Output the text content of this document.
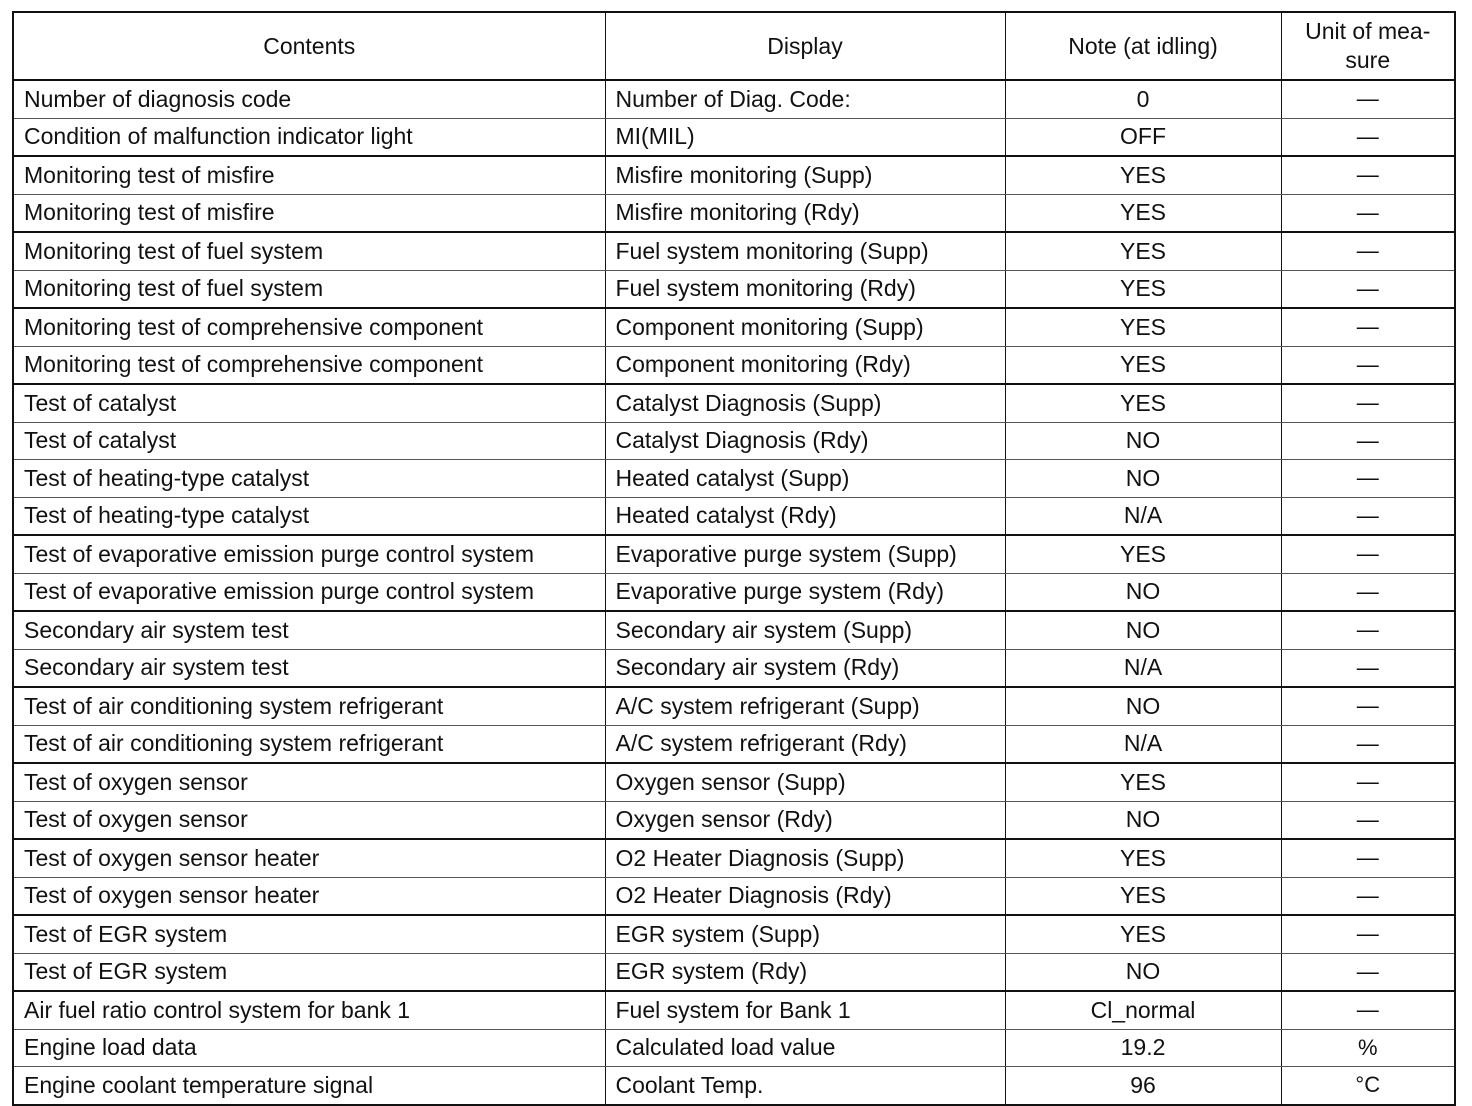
Contents	Display	Note (at idling)	Unit of mea-
sure
Number of diagnosis code	Number of Diag. Code:	0	—
Condition of malfunction indicator light	MI(MIL)	OFF	—
Monitoring test of misfire	Misfire monitoring (Supp)	YES	—
Monitoring test of misfire	Misfire monitoring (Rdy)	YES	—
Monitoring test of fuel system	Fuel system monitoring (Supp)	YES	—
Monitoring test of fuel system	Fuel system monitoring (Rdy)	YES	—
Monitoring test of comprehensive component	Component monitoring (Supp)	YES	—
Monitoring test of comprehensive component	Component monitoring (Rdy)	YES	—
Test of catalyst	Catalyst Diagnosis (Supp)	YES	—
Test of catalyst	Catalyst Diagnosis (Rdy)	NO	—
Test of heating-type catalyst	Heated catalyst (Supp)	NO	—
Test of heating-type catalyst	Heated catalyst (Rdy)	N/A	—
Test of evaporative emission purge control system	Evaporative purge system (Supp)	YES	—
Test of evaporative emission purge control system	Evaporative purge system (Rdy)	NO	—
Secondary air system test	Secondary air system (Supp)	NO	—
Secondary air system test	Secondary air system (Rdy)	N/A	—
Test of air conditioning system refrigerant	A/C system refrigerant (Supp)	NO	—
Test of air conditioning system refrigerant	A/C system refrigerant (Rdy)	N/A	—
Test of oxygen sensor	Oxygen sensor (Supp)	YES	—
Test of oxygen sensor	Oxygen sensor (Rdy)	NO	—
Test of oxygen sensor heater	O2 Heater Diagnosis (Supp)	YES	—
Test of oxygen sensor heater	O2 Heater Diagnosis (Rdy)	YES	—
Test of EGR system	EGR system (Supp)	YES	—
Test of EGR system	EGR system (Rdy)	NO	—
Air fuel ratio control system for bank 1	Fuel system for Bank 1	Cl_normal	—
Engine load data	Calculated load value	19.2	%
Engine coolant temperature signal	Coolant Temp.	96	°C
